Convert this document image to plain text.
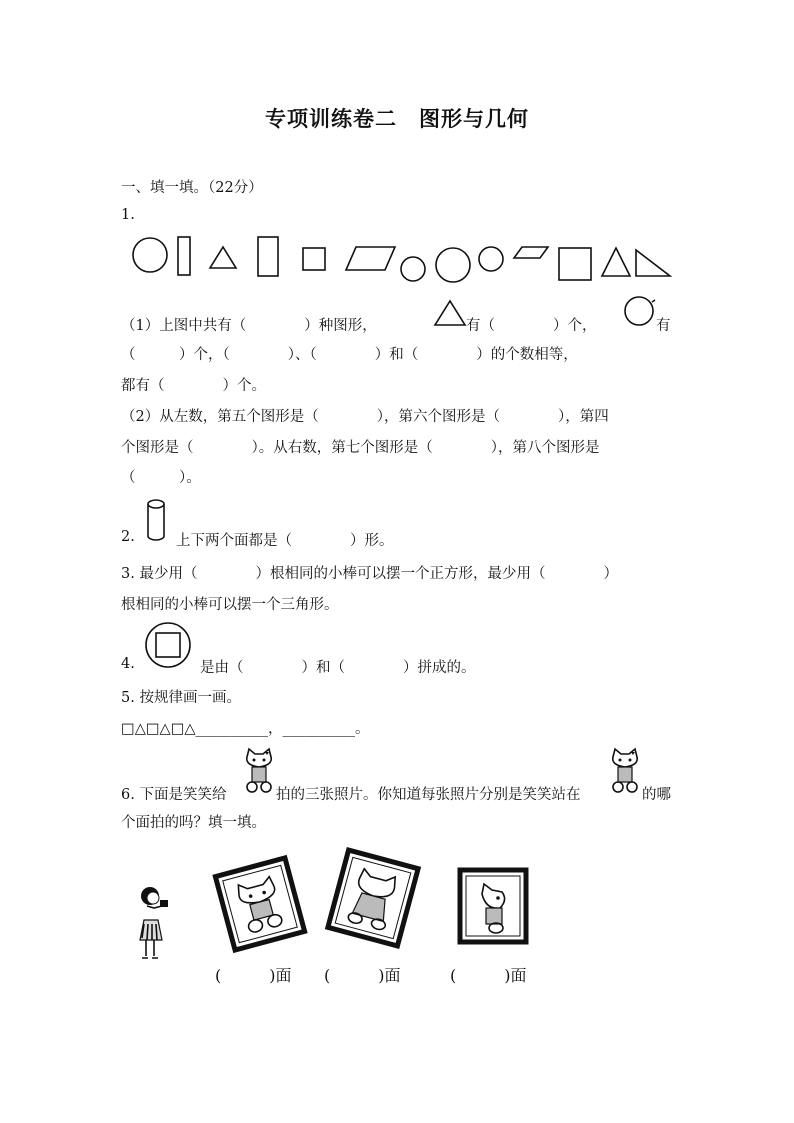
专项训练卷二　图形与几何
一、填一填。（22分）
1.
（1）上图中共有（　　　　）种图形，	有（　　　　）个，	有
（　　　）个，（　　　　）、（　　　　）和（　　　　）的个数相等，
都有（　　　　）个。
（2）从左数，第五个图形是（　　　　），第六个图形是（　　　　），第四
个图形是（　　　　）。从右数，第七个图形是（　　　　），第八个图形是
（　　　）。
2.	上下两个面都是（　　　　）形。
3. 最少用（　　　　）根相同的小棒可以摆一个正方形，最少用（　　　　）
根相同的小棒可以摆一个三角形。
4.	是由（　　　　）和（　　　　）拼成的。
5. 按规律画一画。
□△□△□△__________，__________。
6. 下面是笑笑给	拍的三张照片。你知道每张照片分别是笑笑站在	的哪
个面拍的吗？填一填。
(　　　)面 (　　　)面	(　　　)面
